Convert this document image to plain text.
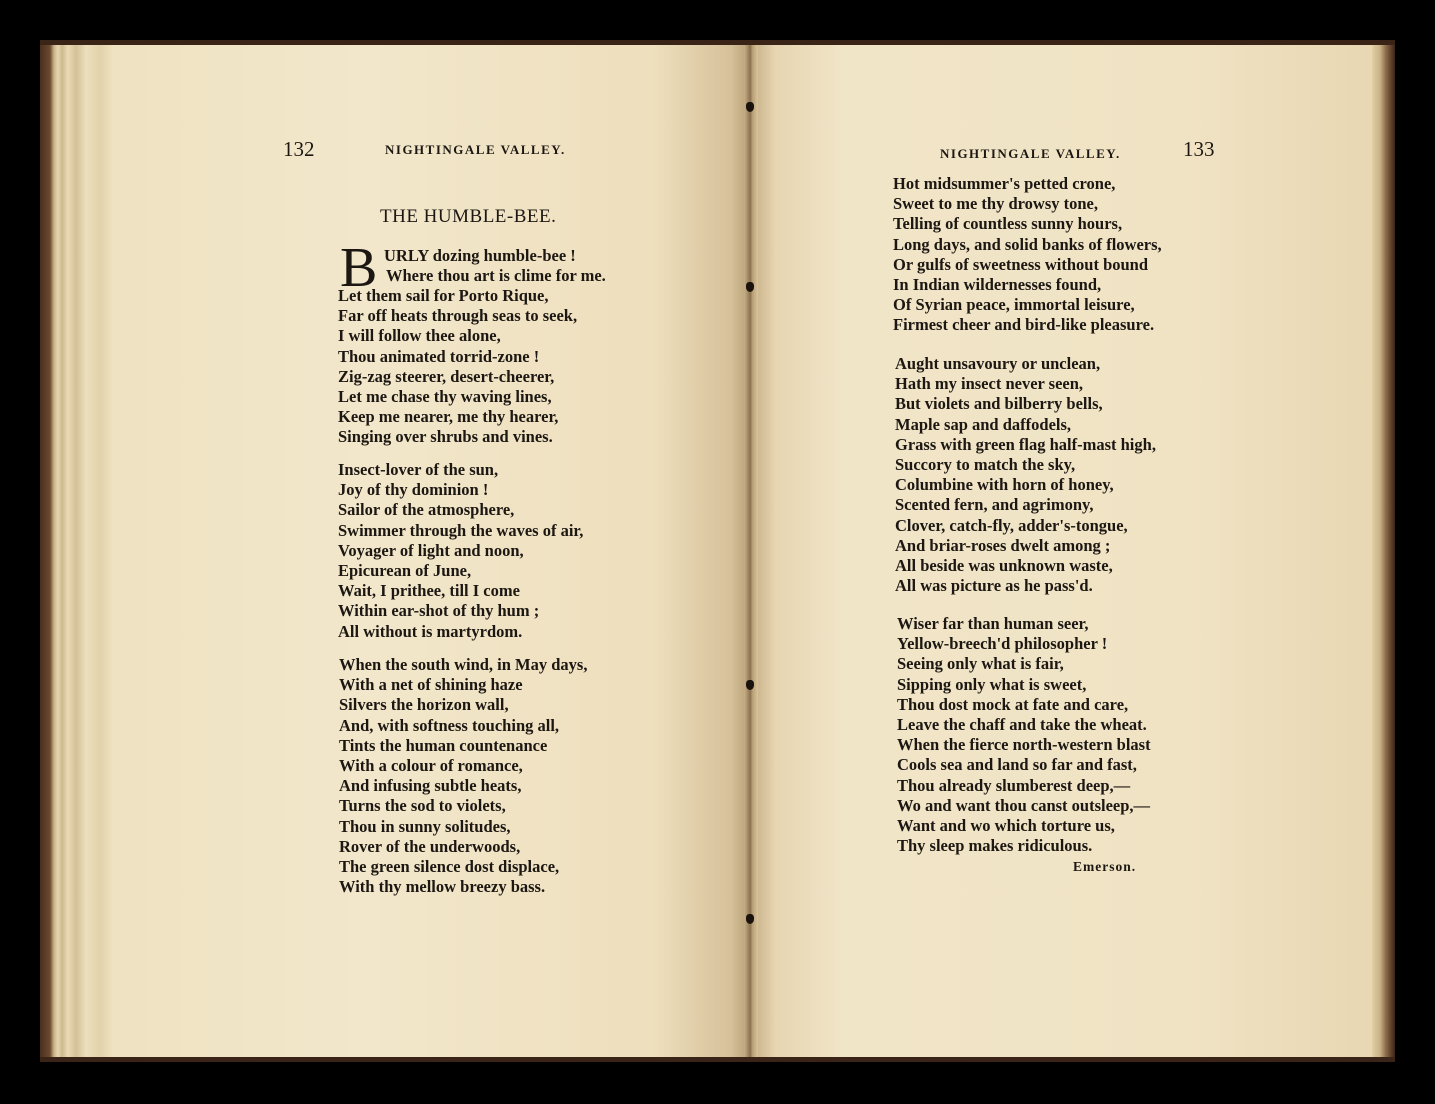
132	NIGHTINGALE VALLEY.
THE HUMBLE-BEE.
B URLY dozing humble-bee !
Where thou art is clime for me.
Let them sail for Porto Rique,
Far off heats through seas to seek,
I will follow thee alone,
Thou animated torrid-zone !
Zig-zag steerer, desert-cheerer,
Let me chase thy waving lines,
Keep me nearer, me thy hearer,
Singing over shrubs and vines.
Insect-lover of the sun,
Joy of thy dominion !
Sailor of the atmosphere,
Swimmer through the waves of air,
Voyager of light and noon,
Epicurean of June,
Wait, I prithee, till I come
Within ear-shot of thy hum ;
All without is martyrdom.
When the south wind, in May days,
With a net of shining haze
Silvers the horizon wall,
And, with softness touching all,
Tints the human countenance
With a colour of romance,
And infusing subtle heats,
Turns the sod to violets,
Thou in sunny solitudes,
Rover of the underwoods,
The green silence dost displace,
With thy mellow breezy bass.
NIGHTINGALE VALLEY.	133
Hot midsummer's petted crone,
Sweet to me thy drowsy tone,
Telling of countless sunny hours,
Long days, and solid banks of flowers,
Or gulfs of sweetness without bound
In Indian wildernesses found,
Of Syrian peace, immortal leisure,
Firmest cheer and bird-like pleasure.
Aught unsavoury or unclean,
Hath my insect never seen,
But violets and bilberry bells,
Maple sap and daffodels,
Grass with green flag half-mast high,
Succory to match the sky,
Columbine with horn of honey,
Scented fern, and agrimony,
Clover, catch-fly, adder's-tongue,
And briar-roses dwelt among ;
All beside was unknown waste,
All was picture as he pass'd.
Wiser far than human seer,
Yellow-breech'd philosopher !
Seeing only what is fair,
Sipping only what is sweet,
Thou dost mock at fate and care,
Leave the chaff and take the wheat.
When the fierce north-western blast
Cools sea and land so far and fast,
Thou already slumberest deep,—
Wo and want thou canst outsleep,—
Want and wo which torture us,
Thy sleep makes ridiculous.
Emerson.
